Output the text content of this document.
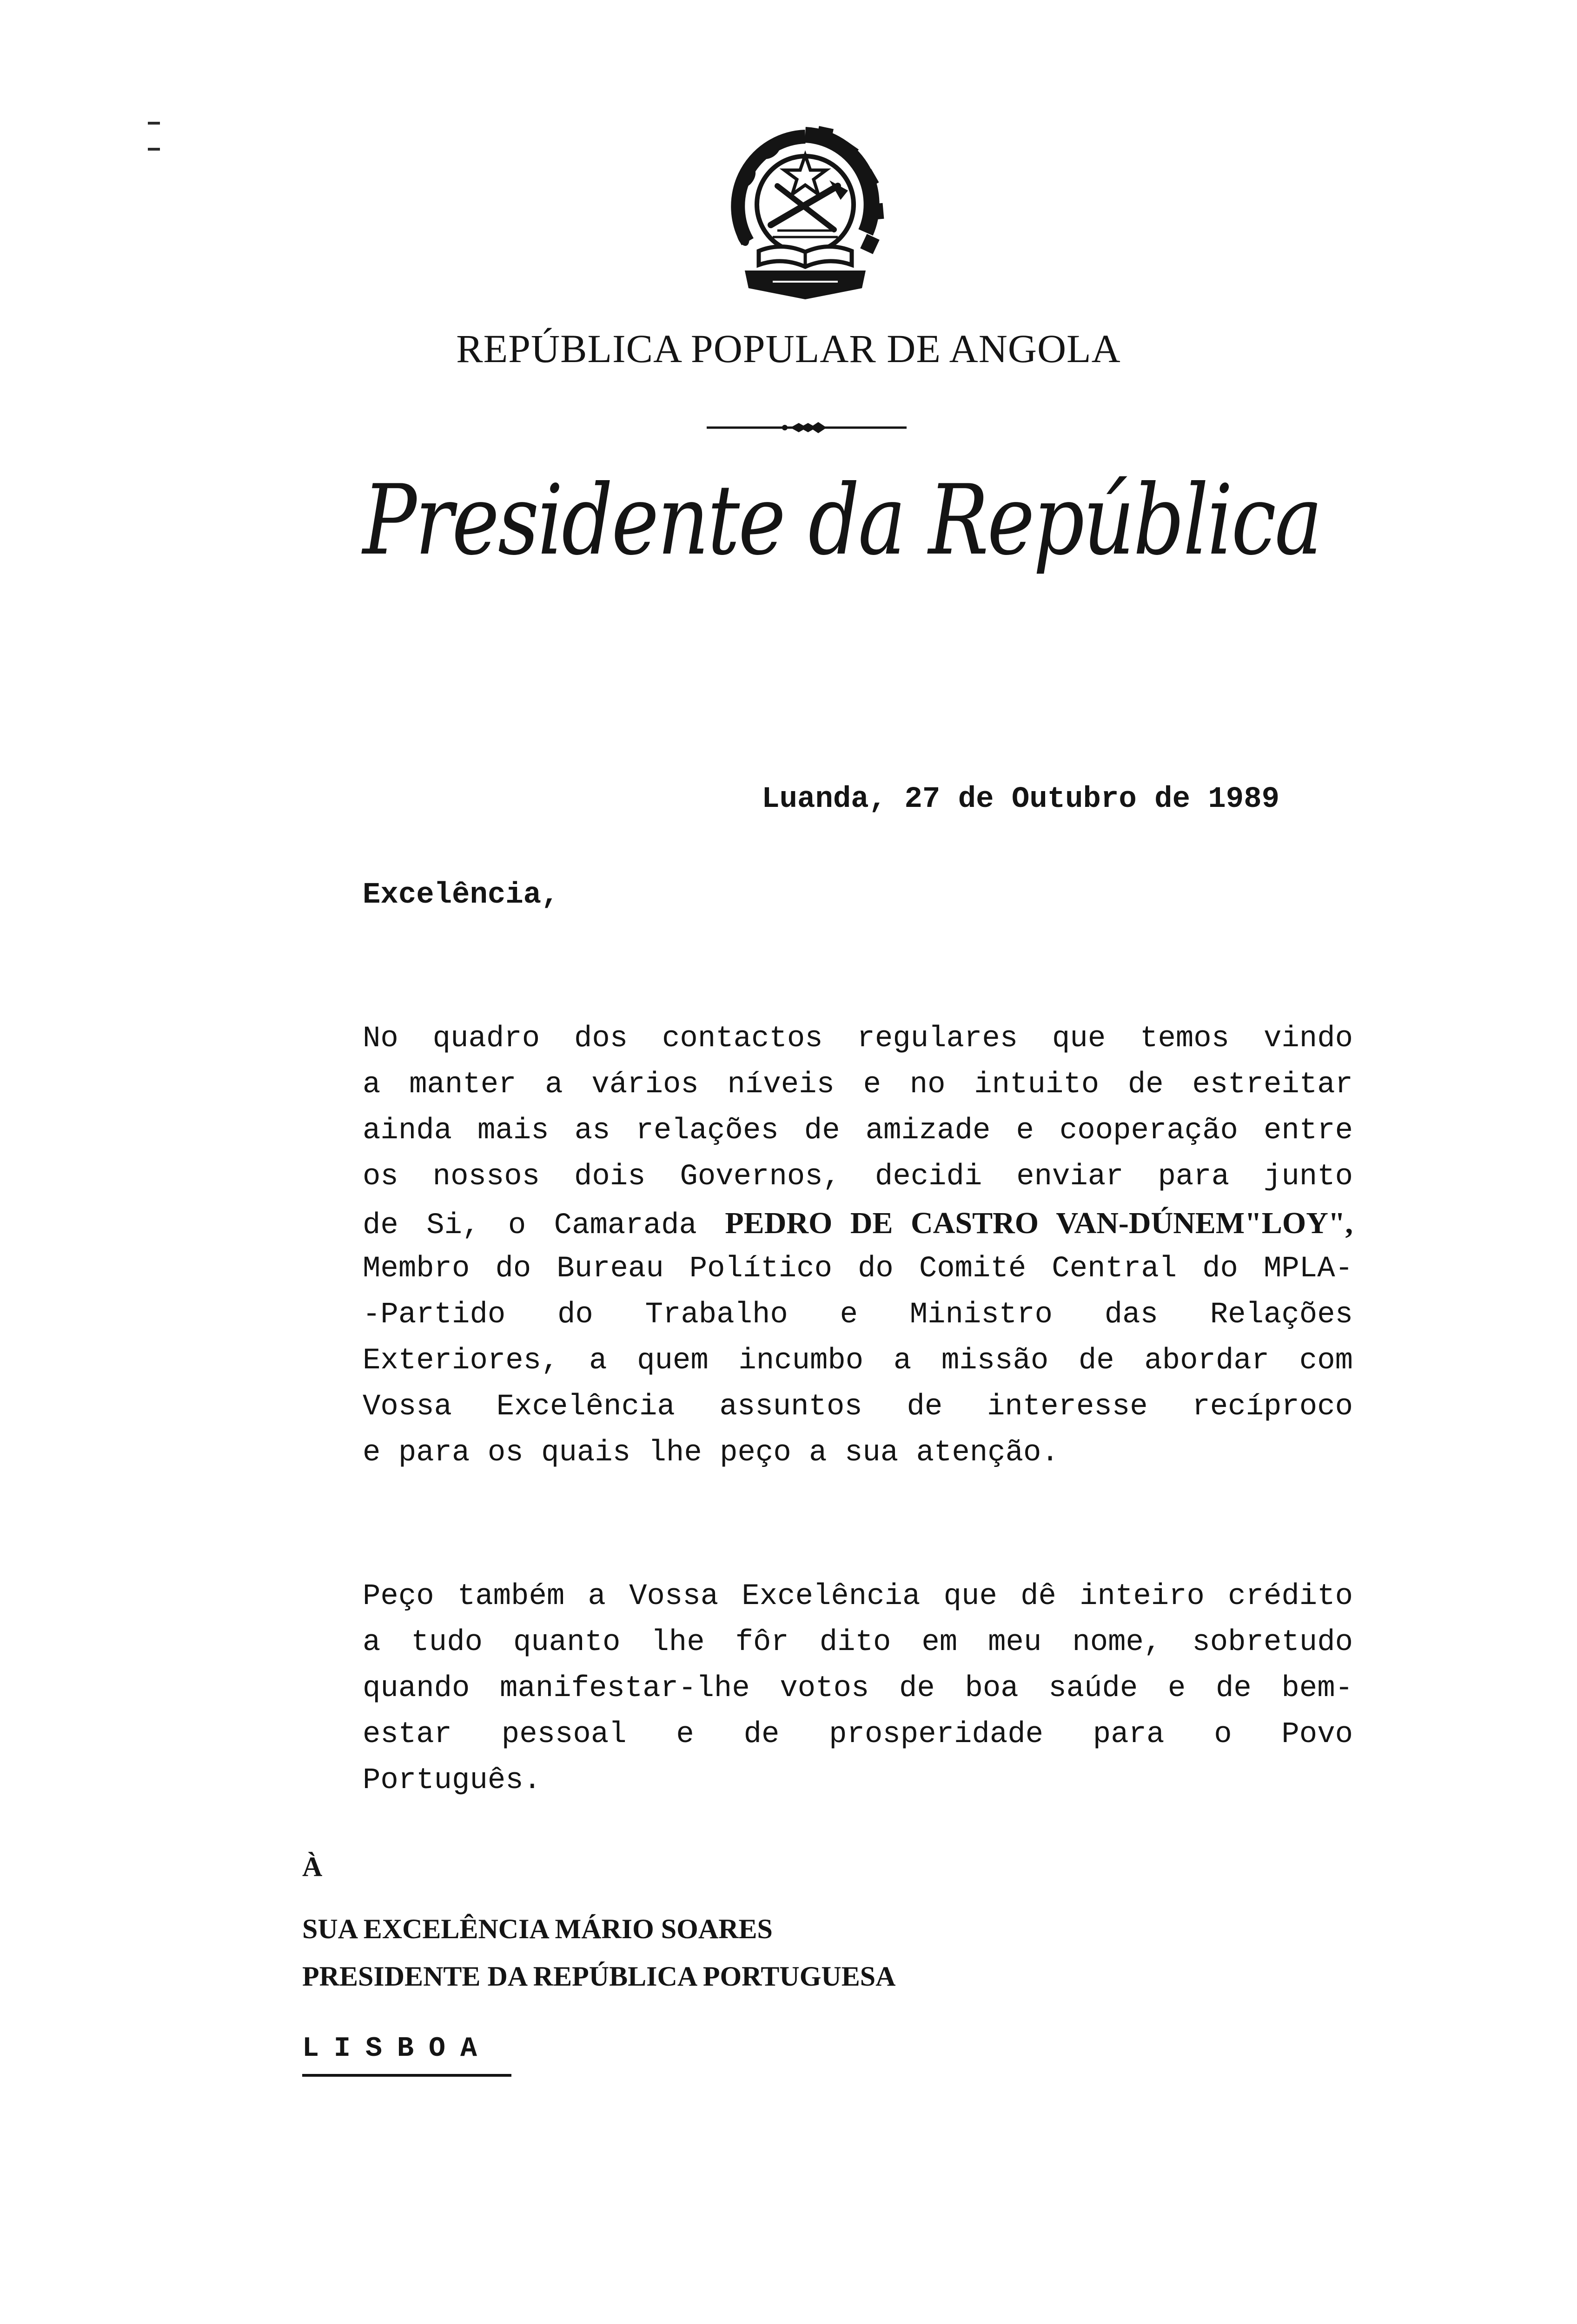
REPÚBLICA POPULAR DE ANGOLA
Presidente da República
Luanda, 27 de Outubro de 1989
Excelência,
No quadro dos contactos regulares que temos vindo
a manter a vários níveis e no intuito de estreitar
ainda mais as relações de amizade e cooperação entre
os nossos dois Governos, decidi enviar para junto
de Si, o Camarada PEDRO DE CASTRO VAN-DÚNEM"LOY",
Membro do Bureau Político do Comité Central do MPLA-
-Partido do Trabalho e Ministro das Relações
Exteriores, a quem incumbo a missão de abordar com
Vossa Excelência assuntos de interesse recíproco
e para os quais lhe peço a sua atenção.
Peço também a Vossa Excelência que dê inteiro crédito
a tudo quanto lhe fôr dito em meu nome, sobretudo
quando manifestar-lhe votos de boa saúde e de bem-
estar pessoal e de prosperidade para o Povo
Português.
À
SUA EXCELÊNCIA MÁRIO SOARES
PRESIDENTE DA REPÚBLICA PORTUGUESA
LISBOA
